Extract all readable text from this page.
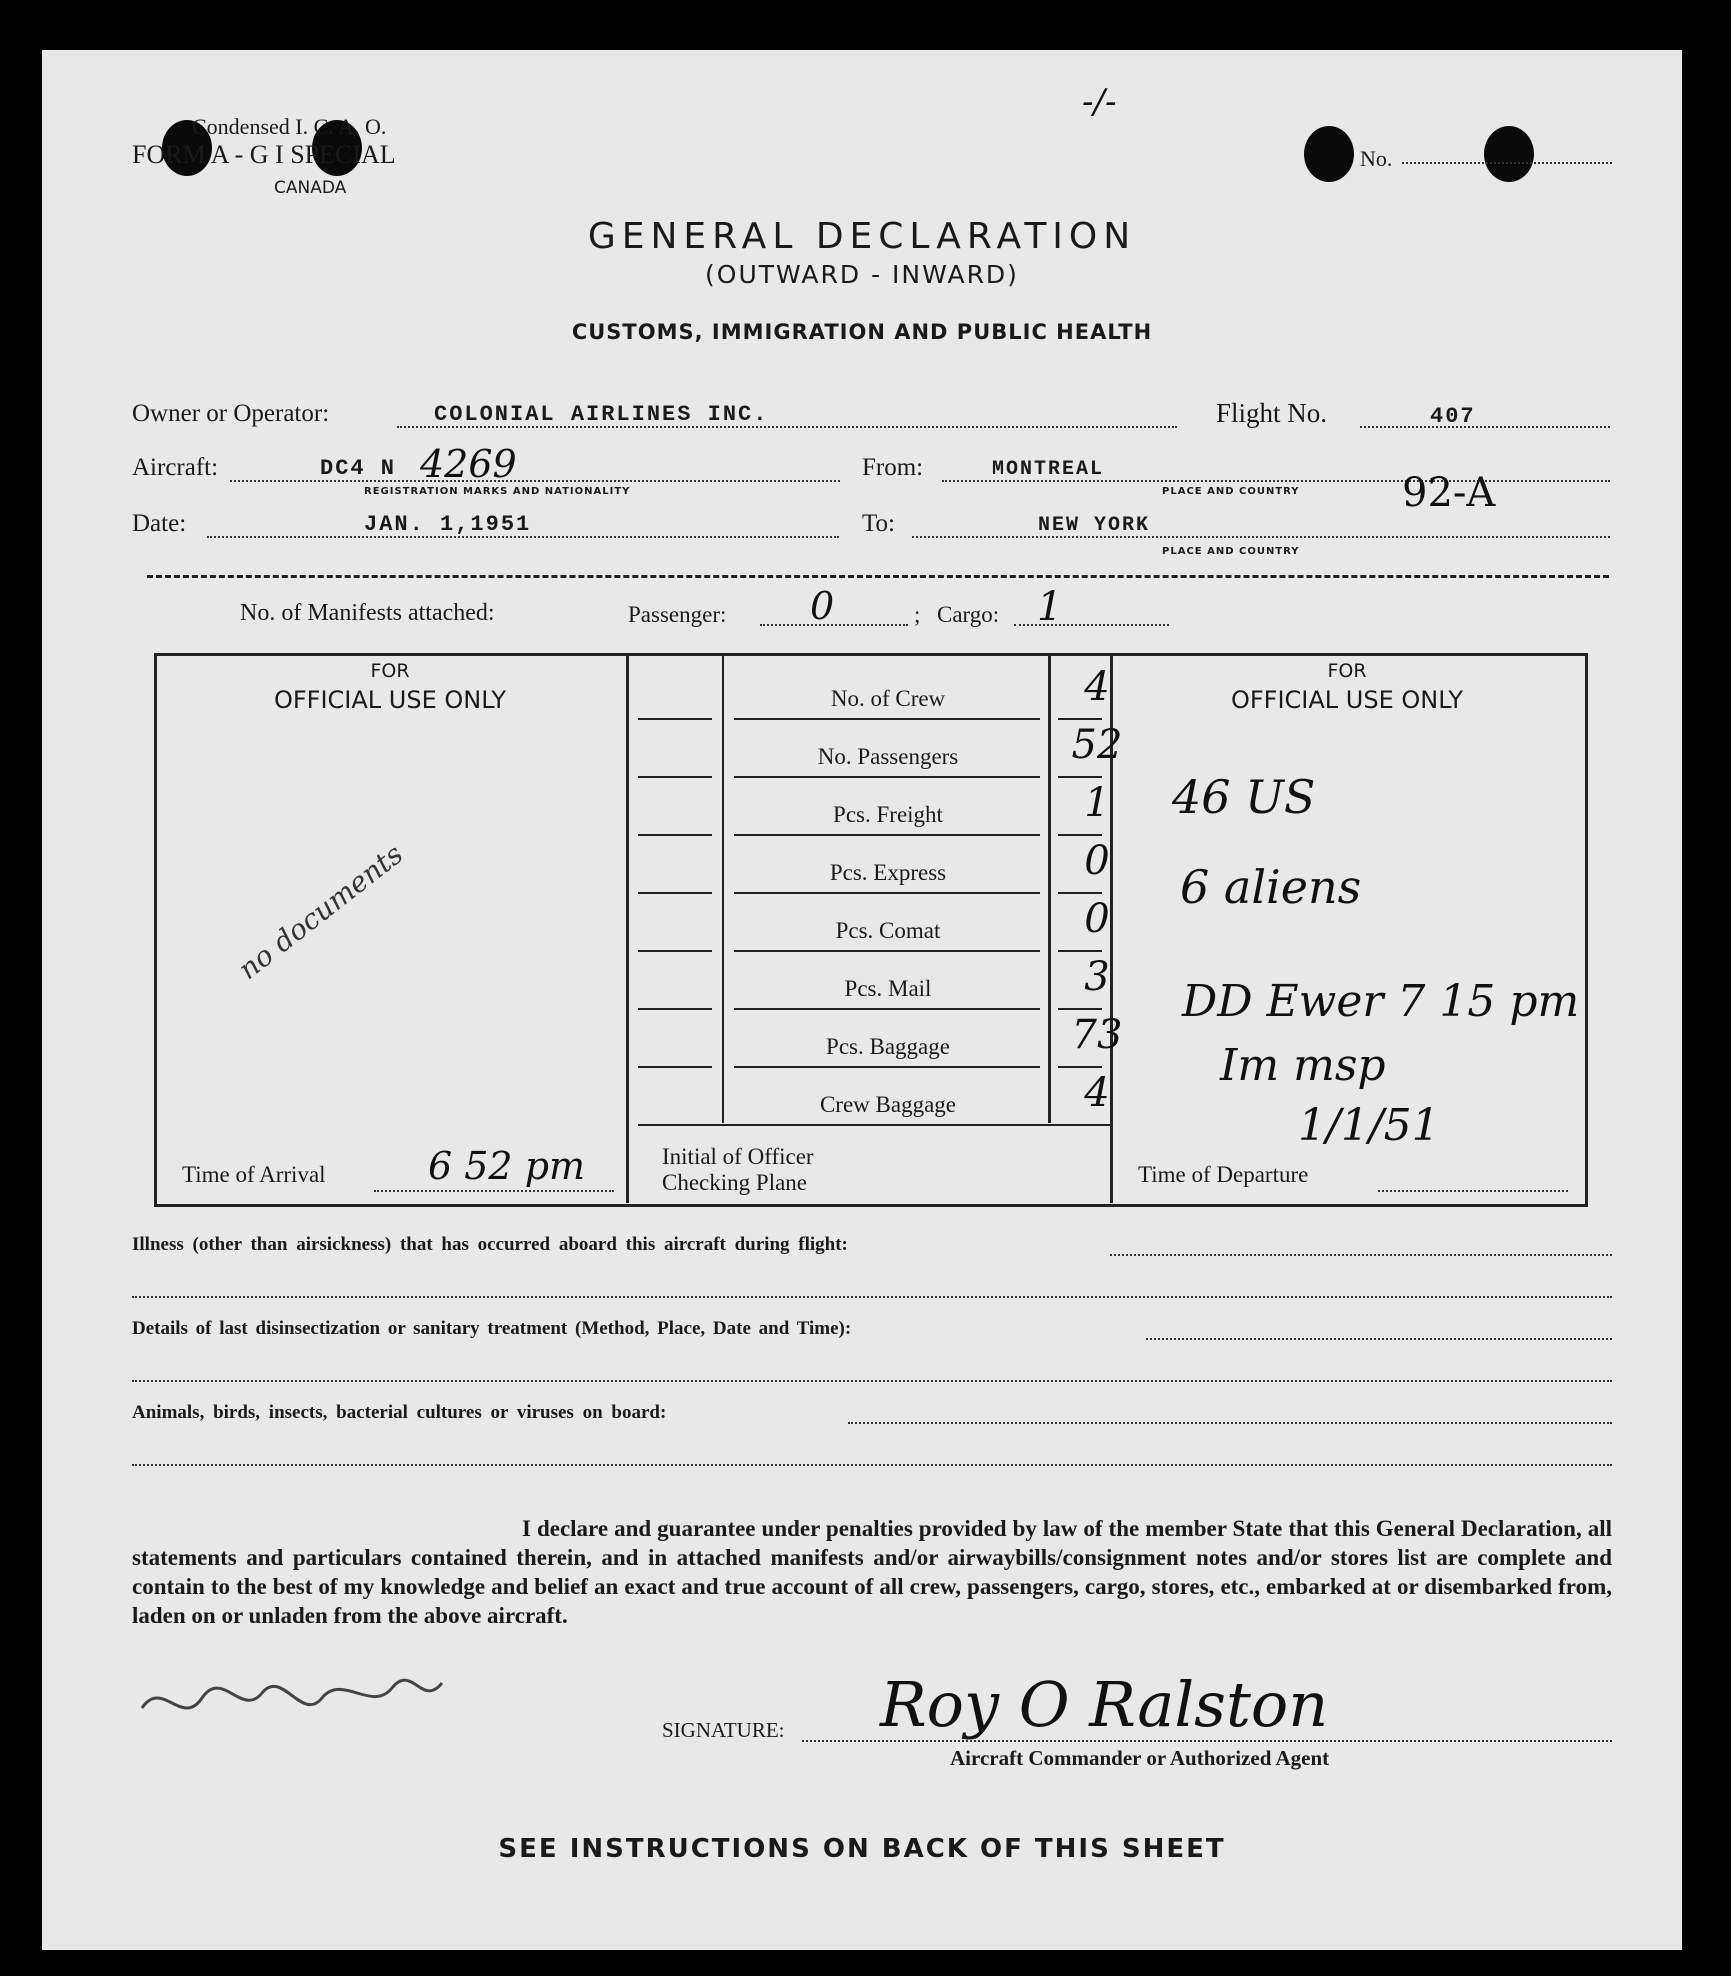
Condensed I. C. A. O.
FORM A - G I SPECIAL
CANADA
-/-
No.
GENERAL DECLARATION
(OUTWARD - INWARD)
CUSTOMS, IMMIGRATION AND PUBLIC HEALTH
Owner or Operator:	COLONIAL AIRLINES INC.	Flight No.	407
Aircraft:	DC4 N 4269
REGISTRATION MARKS AND NATIONALITY
From:	MONTREAL
PLACE AND COUNTRY	92-A
Date:	JAN. 1,1951	To:	NEW YORK
PLACE AND COUNTRY
No. of Manifests attached:	Passenger: 0	; Cargo: 1
FOR
OFFICIAL USE ONLY
FOR
OFFICIAL USE ONLY
No. of Crew	4
No. Passengers	52
Pcs. Freight	1
Pcs. Express	0
Pcs. Comat	0
Pcs. Mail	3
Pcs. Baggage	73
Crew Baggage	4
no documents
Time of Arrival	6 52 pm	Initial of Officer
Checking Plane	Time of Departure
46 US
6 aliens
DD Ewer 7 15 pm
Im msp
1/1/51
Illness (other than airsickness) that has occurred aboard this aircraft during flight:
Details of last disinsectization or sanitary treatment (Method, Place, Date and Time):
Animals, birds, insects, bacterial cultures or viruses on board:
I declare and guarantee under penalties provided by law of the member State that this General Declaration, all statements and particulars contained therein, and in attached manifests and/or airwaybills/consignment notes and/or stores list are complete and contain to the best of my knowledge and belief an exact and true account of all crew, passengers, cargo, stores, etc., embarked at or disembarked from, laden on or unladen from the above aircraft.
SIGNATURE: Roy O Ralston
Aircraft Commander or Authorized Agent
SEE INSTRUCTIONS ON BACK OF THIS SHEET
